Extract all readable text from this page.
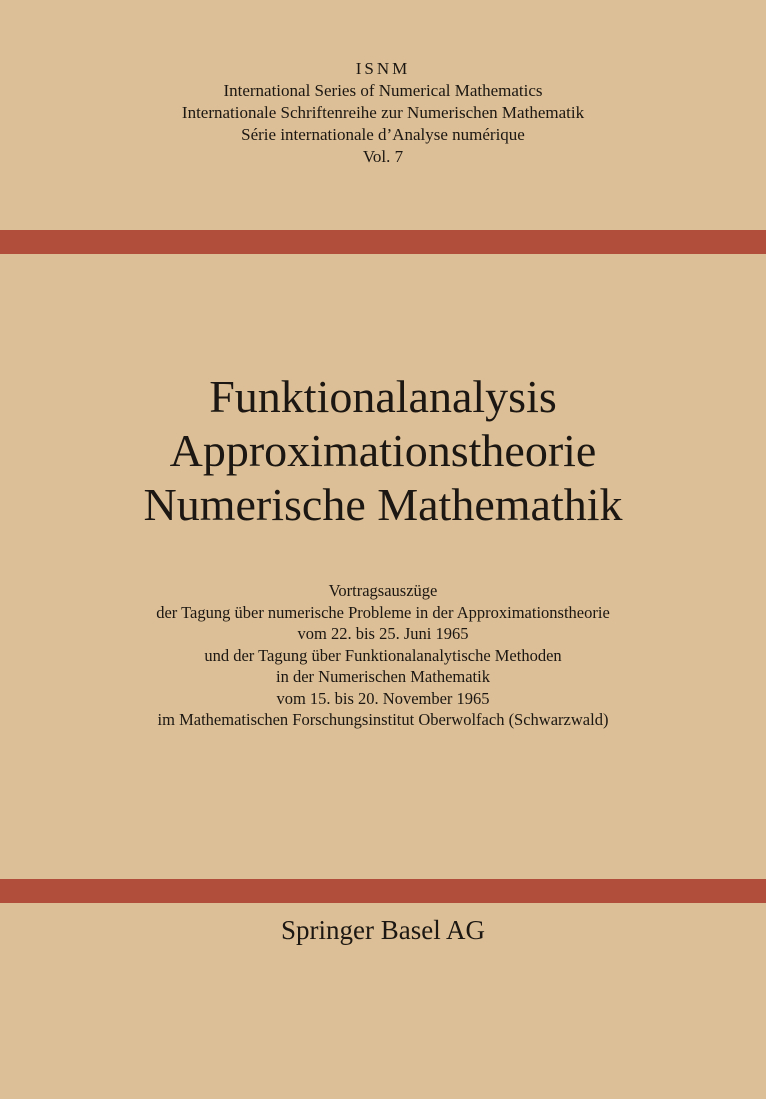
ISNM
International Series of Numerical Mathematics
Internationale Schriftenreihe zur Numerischen Mathematik
Série internationale d’Analyse numérique
Vol. 7
Funktionalanalysis
Approximationstheorie
Numerische Mathemathik
Vortragsauszüge
der Tagung über numerische Probleme in der Approximationstheorie
vom 22. bis 25. Juni 1965
und der Tagung über Funktionalanalytische Methoden
in der Numerischen Mathematik
vom 15. bis 20. November 1965
im Mathematischen Forschungsinstitut Oberwolfach (Schwarzwald)
Springer Basel AG
